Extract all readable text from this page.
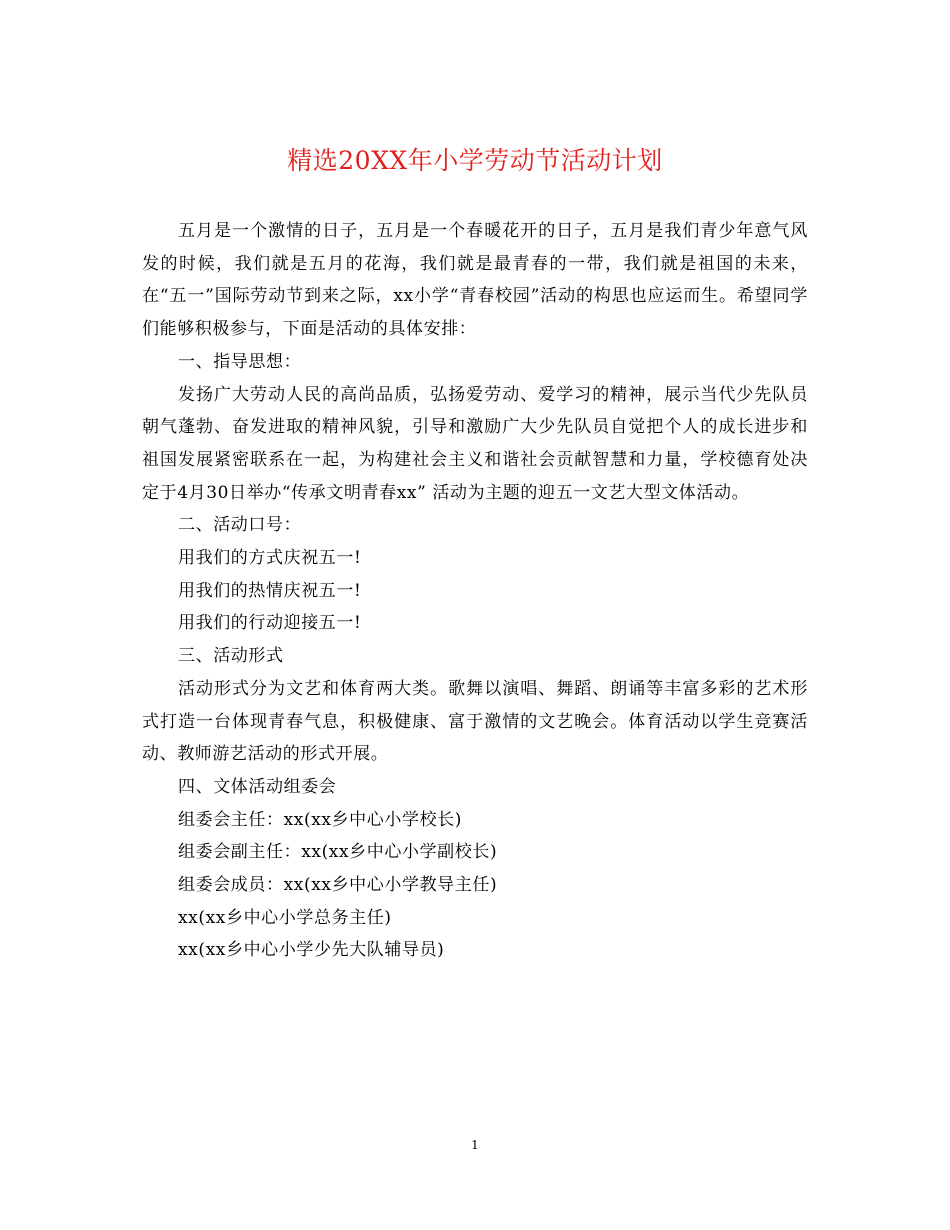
精选20XX年小学劳动节活动计划

五月是一个激情的日子，五月是一个春暖花开的日子，五月是我们青少年意气风发的时候，我们就是五月的花海，我们就是最青春的一带，我们就是祖国的未来，在“五一”国际劳动节到来之际，xx小学“青春校园”活动的构思也应运而生。希望同学们能够积极参与，下面是活动的具体安排：

一、指导思想：

发扬广大劳动人民的高尚品质，弘扬爱劳动、爱学习的精神，展示当代少先队员朝气蓬勃、奋发进取的精神风貌，引导和激励广大少先队员自觉把个人的成长进步和祖国发展紧密联系在一起，为构建社会主义和谐社会贡献智慧和力量，学校德育处决定于4月30日举办“传承文明青春xx” 活动为主题的迎五一文艺大型文体活动。

二、活动口号：

用我们的方式庆祝五一!

用我们的热情庆祝五一!

用我们的行动迎接五一!

三、活动形式

活动形式分为文艺和体育两大类。歌舞以演唱、舞蹈、朗诵等丰富多彩的艺术形式打造一台体现青春气息，积极健康、富于激情的文艺晚会。体育活动以学生竞赛活动、教师游艺活动的形式开展。

四、文体活动组委会

组委会主任：xx(xx乡中心小学校长)

组委会副主任：xx(xx乡中心小学副校长)

组委会成员：xx(xx乡中心小学教导主任)

xx(xx乡中心小学总务主任)

xx(xx乡中心小学少先大队辅导员)

1
